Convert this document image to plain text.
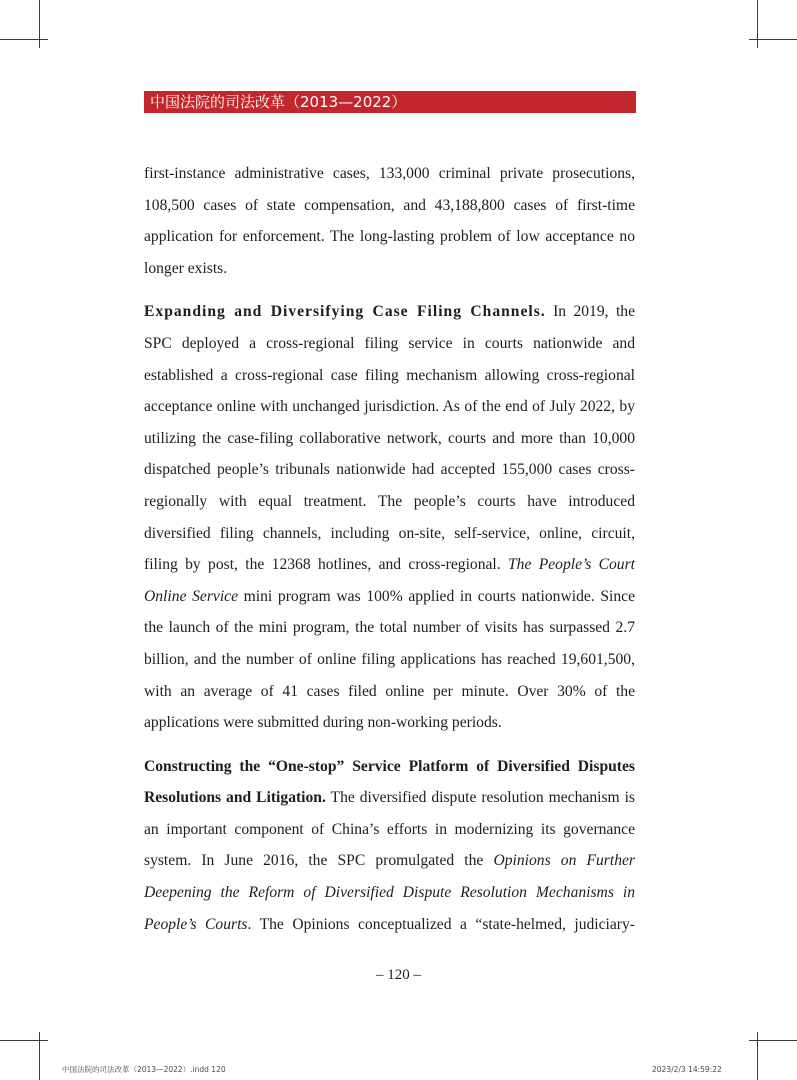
中国法院的司法改革（2013—2022）

first-instance administrative cases, 133,000 criminal private prosecutions, 108,500 cases of state compensation, and 43,188,800 cases of first-time application for enforcement. The long-lasting problem of low acceptance no longer exists.

Expanding and Diversifying Case Filing Channels. In 2019, the SPC deployed a cross-regional filing service in courts nationwide and established a cross-regional case filing mechanism allowing cross-regional acceptance online with unchanged jurisdiction. As of the end of July 2022, by utilizing the case-filing collaborative network, courts and more than 10,000 dispatched people’s tribunals nationwide had accepted 155,000 cases cross-regionally with equal treatment. The people’s courts have introduced diversified filing channels, including on-site, self-service, online, circuit, filing by post, the 12368 hotlines, and cross-regional. The People’s Court Online Service mini program was 100% applied in courts nationwide. Since the launch of the mini program, the total number of visits has surpassed 2.7 billion, and the number of online filing applications has reached 19,601,500, with an average of 41 cases filed online per minute. Over 30% of the applications were submitted during non-working periods.

Constructing the “One-stop” Service Platform of Diversified Disputes Resolutions and Litigation. The diversified dispute resolution mechanism is an important component of China’s efforts in modernizing its governance system. In June 2016, the SPC promulgated the Opinions on Further Deepening the Reform of Diversified Dispute Resolution Mechanisms in People’s Courts. The Opinions conceptualized a “state-helmed, judiciary-

– 120 –
中国法院的司法改革（2013—2022）.indd 120	2023/2/3 14:59:22
